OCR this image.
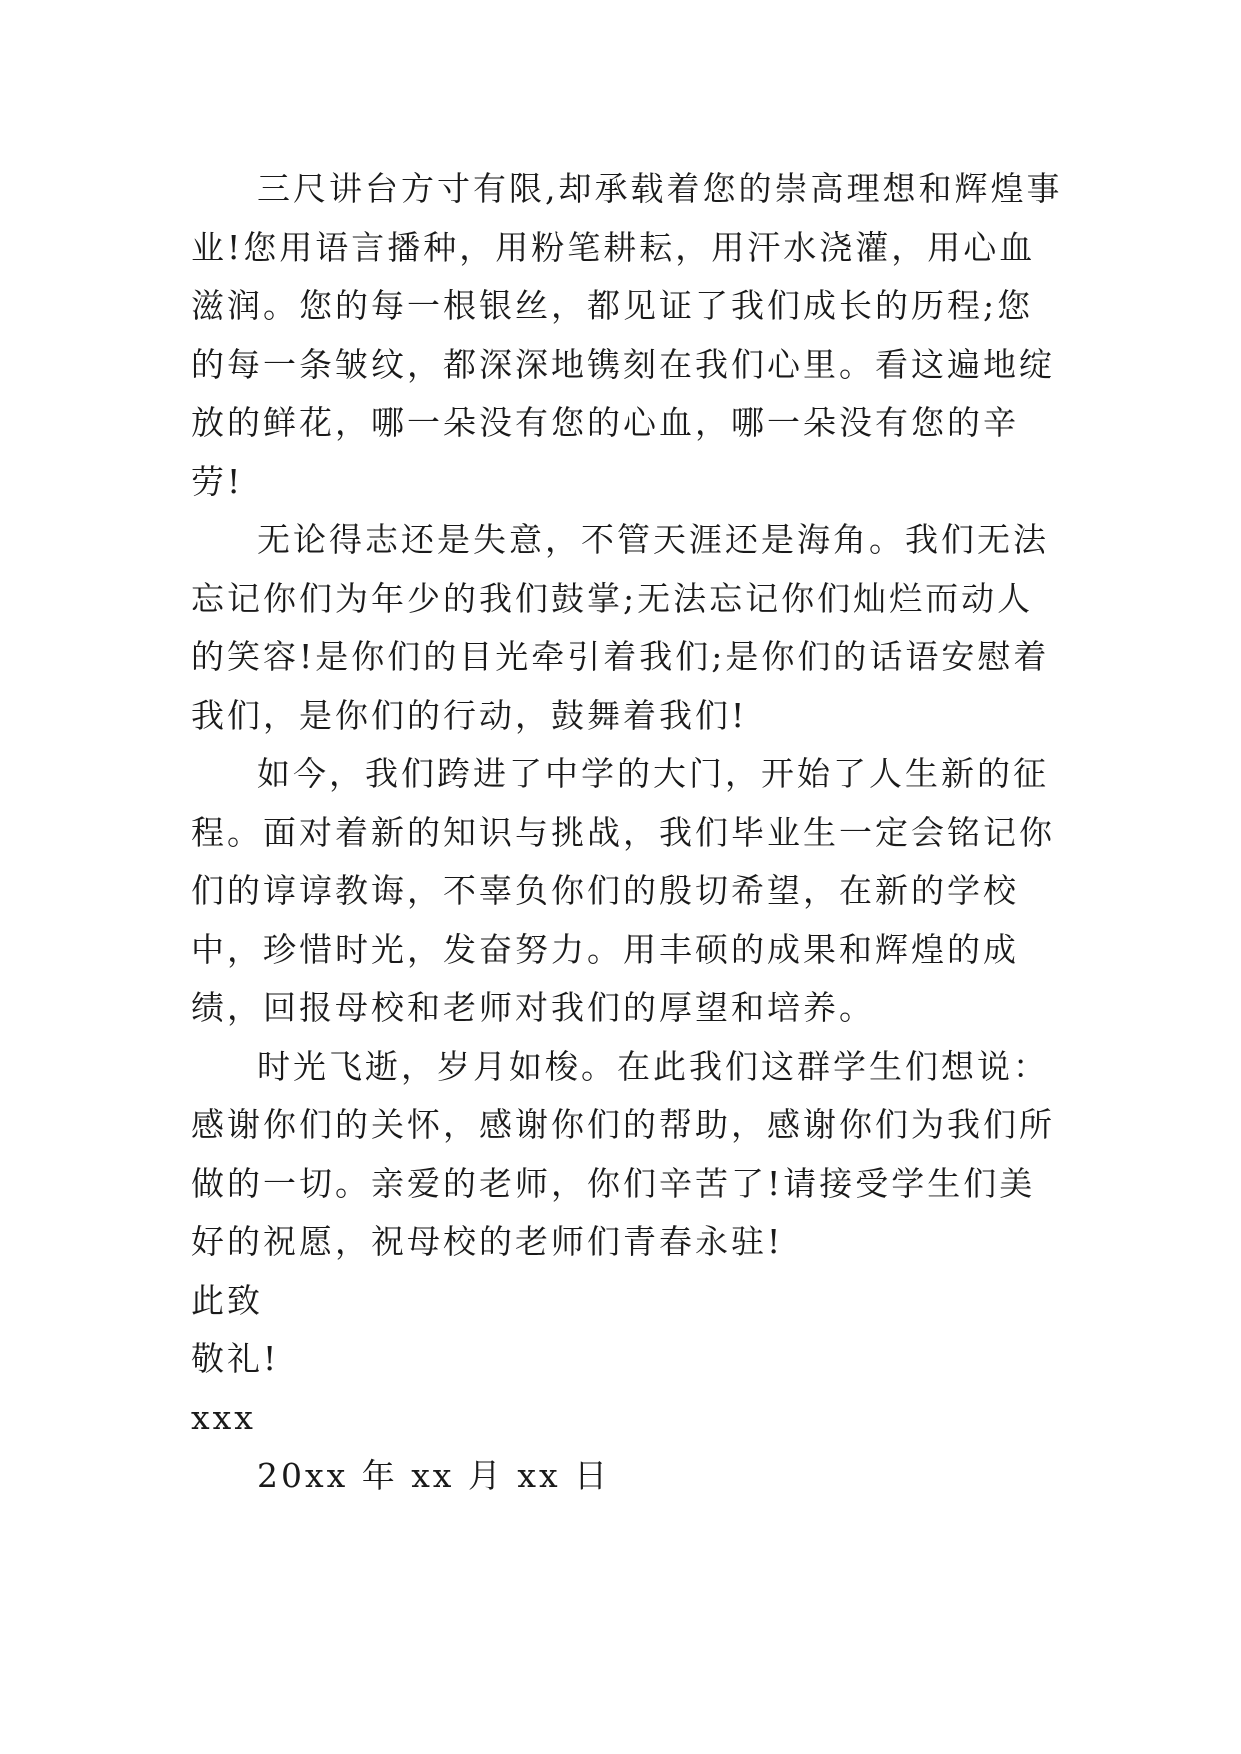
三尺讲台方寸有限,却承载着您的崇高理想和辉煌事业!您用语言播种，用粉笔耕耘，用汗水浇灌，用心血滋润。您的每一根银丝，都见证了我们成长的历程;您的每一条皱纹，都深深地镌刻在我们心里。看这遍地绽放的鲜花，哪一朵没有您的心血，哪一朵没有您的辛劳!

无论得志还是失意，不管天涯还是海角。我们无法忘记你们为年少的我们鼓掌;无法忘记你们灿烂而动人的笑容!是你们的目光牵引着我们;是你们的话语安慰着我们，是你们的行动，鼓舞着我们!

如今，我们跨进了中学的大门，开始了人生新的征程。面对着新的知识与挑战，我们毕业生一定会铭记你们的谆谆教诲，不辜负你们的殷切希望，在新的学校中，珍惜时光，发奋努力。用丰硕的成果和辉煌的成绩，回报母校和老师对我们的厚望和培养。

时光飞逝，岁月如梭。在此我们这群学生们想说：感谢你们的关怀，感谢你们的帮助，感谢你们为我们所做的一切。亲爱的老师，你们辛苦了!请接受学生们美好的祝愿，祝母校的老师们青春永驻!

此致

敬礼!

xxx

20xx 年 xx 月 xx 日
